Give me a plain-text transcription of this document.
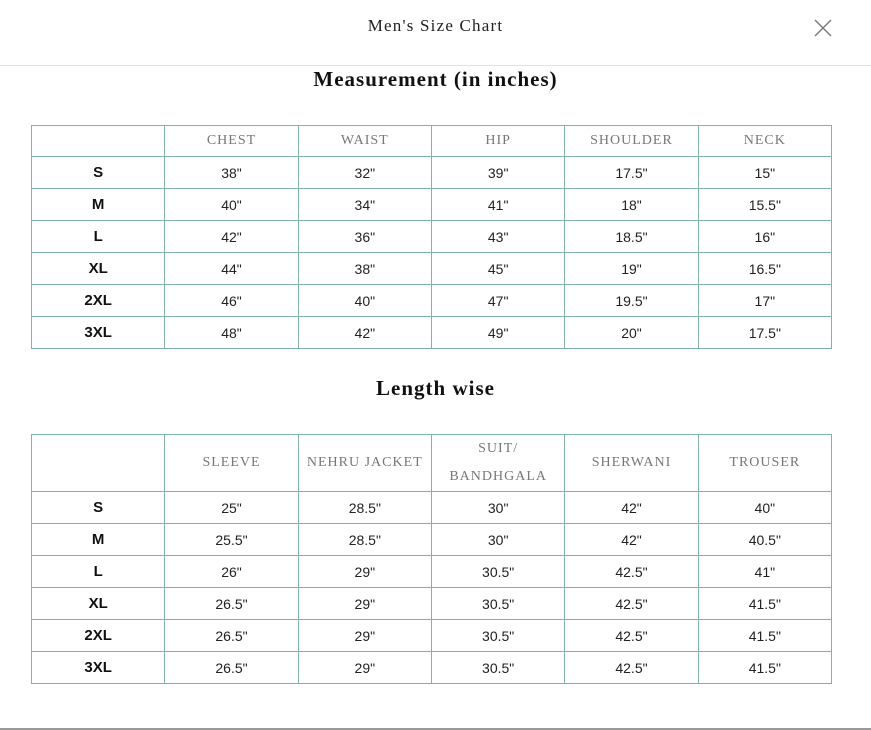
Men's Size Chart
Measurement (in inches)
	CHEST	WAIST	HIP	SHOULDER	NECK
S	38"	32"	39"	17.5"	15"
M	40"	34"	41"	18"	15.5"
L	42"	36"	43"	18.5"	16"
XL	44"	38"	45"	19"	16.5"
2XL	46"	40"	47"	19.5"	17"
3XL	48"	42"	49"	20"	17.5"
Length wise
	SLEEVE	NEHRU JACKET	SUIT/ BANDHGALA	SHERWANI	TROUSER
S	25"	28.5"	30"	42"	40"
M	25.5"	28.5"	30"	42"	40.5"
L	26"	29"	30.5"	42.5"	41"
XL	26.5"	29"	30.5"	42.5"	41.5"
2XL	26.5"	29"	30.5"	42.5"	41.5"
3XL	26.5"	29"	30.5"	42.5"	41.5"
